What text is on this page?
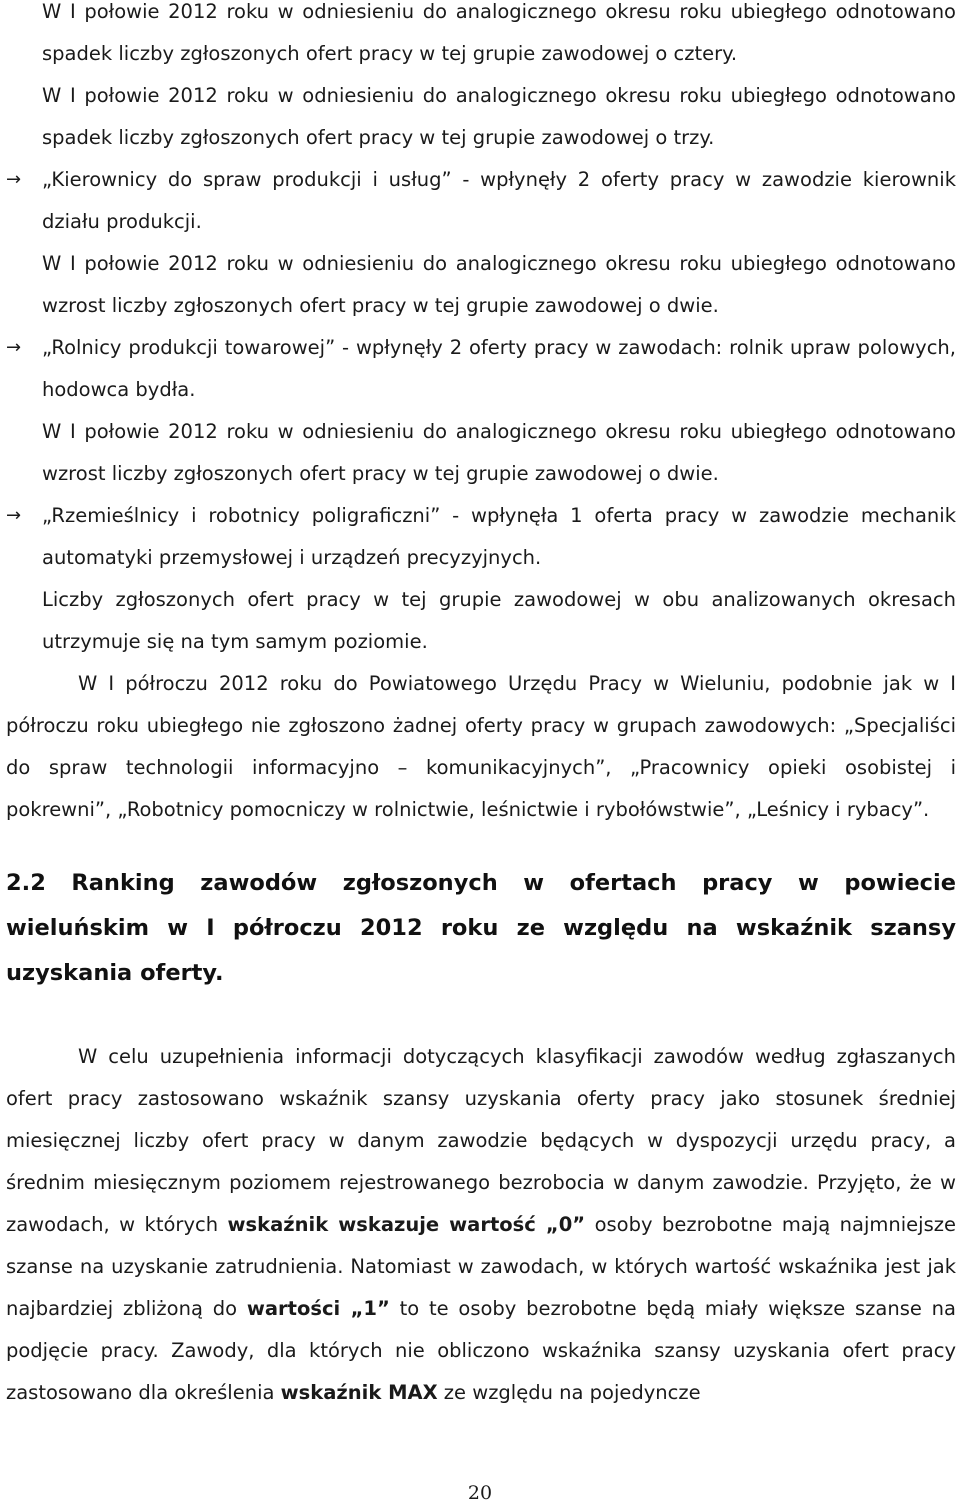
W I połowie 2012 roku w odniesieniu do analogicznego okresu roku ubiegłego odnotowano spadek liczby zgłoszonych ofert pracy w tej grupie zawodowej o cztery.

W I połowie 2012 roku w odniesieniu do analogicznego okresu roku ubiegłego odnotowano spadek liczby zgłoszonych ofert pracy w tej grupie zawodowej o trzy.

→ „Kierownicy do spraw produkcji i usług” - wpłynęły 2 oferty pracy w zawodzie kierownik działu produkcji.

W I połowie 2012 roku w odniesieniu do analogicznego okresu roku ubiegłego odnotowano wzrost liczby zgłoszonych ofert pracy w tej grupie zawodowej o dwie.

→ „Rolnicy produkcji towarowej” - wpłynęły 2 oferty pracy w zawodach: rolnik upraw polowych, hodowca bydła.

W I połowie 2012 roku w odniesieniu do analogicznego okresu roku ubiegłego odnotowano wzrost liczby zgłoszonych ofert pracy w tej grupie zawodowej o dwie.

→ „Rzemieślnicy i robotnicy poligraficzni” - wpłynęła 1 oferta pracy w zawodzie mechanik automatyki przemysłowej i urządzeń precyzyjnych.

Liczby zgłoszonych ofert pracy w tej grupie zawodowej w obu analizowanych okresach utrzymuje się na tym samym poziomie.

W I półroczu 2012 roku do Powiatowego Urzędu Pracy w Wieluniu, podobnie jak w I półroczu roku ubiegłego nie zgłoszono żadnej oferty pracy w grupach zawodowych: „Specjaliści do spraw technologii informacyjno – komunikacyjnych”, „Pracownicy opieki osobistej i pokrewni”, „Robotnicy pomocniczy w rolnictwie, leśnictwie i rybołówstwie”, „Leśnicy i rybacy”.

2.2 Ranking zawodów zgłoszonych w ofertach pracy w powiecie wieluńskim w I półroczu 2012 roku ze względu na wskaźnik szansy uzyskania oferty.

W celu uzupełnienia informacji dotyczących klasyfikacji zawodów według zgłaszanych ofert pracy zastosowano wskaźnik szansy uzyskania oferty pracy jako stosunek średniej miesięcznej liczby ofert pracy w danym zawodzie będących w dyspozycji urzędu pracy, a średnim miesięcznym poziomem rejestrowanego bezrobocia w danym zawodzie. Przyjęto, że w zawodach, w których wskaźnik wskazuje wartość „0” osoby bezrobotne mają najmniejsze szanse na uzyskanie zatrudnienia. Natomiast w zawodach, w których wartość wskaźnika jest jak najbardziej zbliżoną do wartości „1” to te osoby bezrobotne będą miały większe szanse na podjęcie pracy. Zawody, dla których nie obliczono wskaźnika szansy uzyskania ofert pracy zastosowano dla określenia wskaźnik MAX ze względu na pojedyncze

20
